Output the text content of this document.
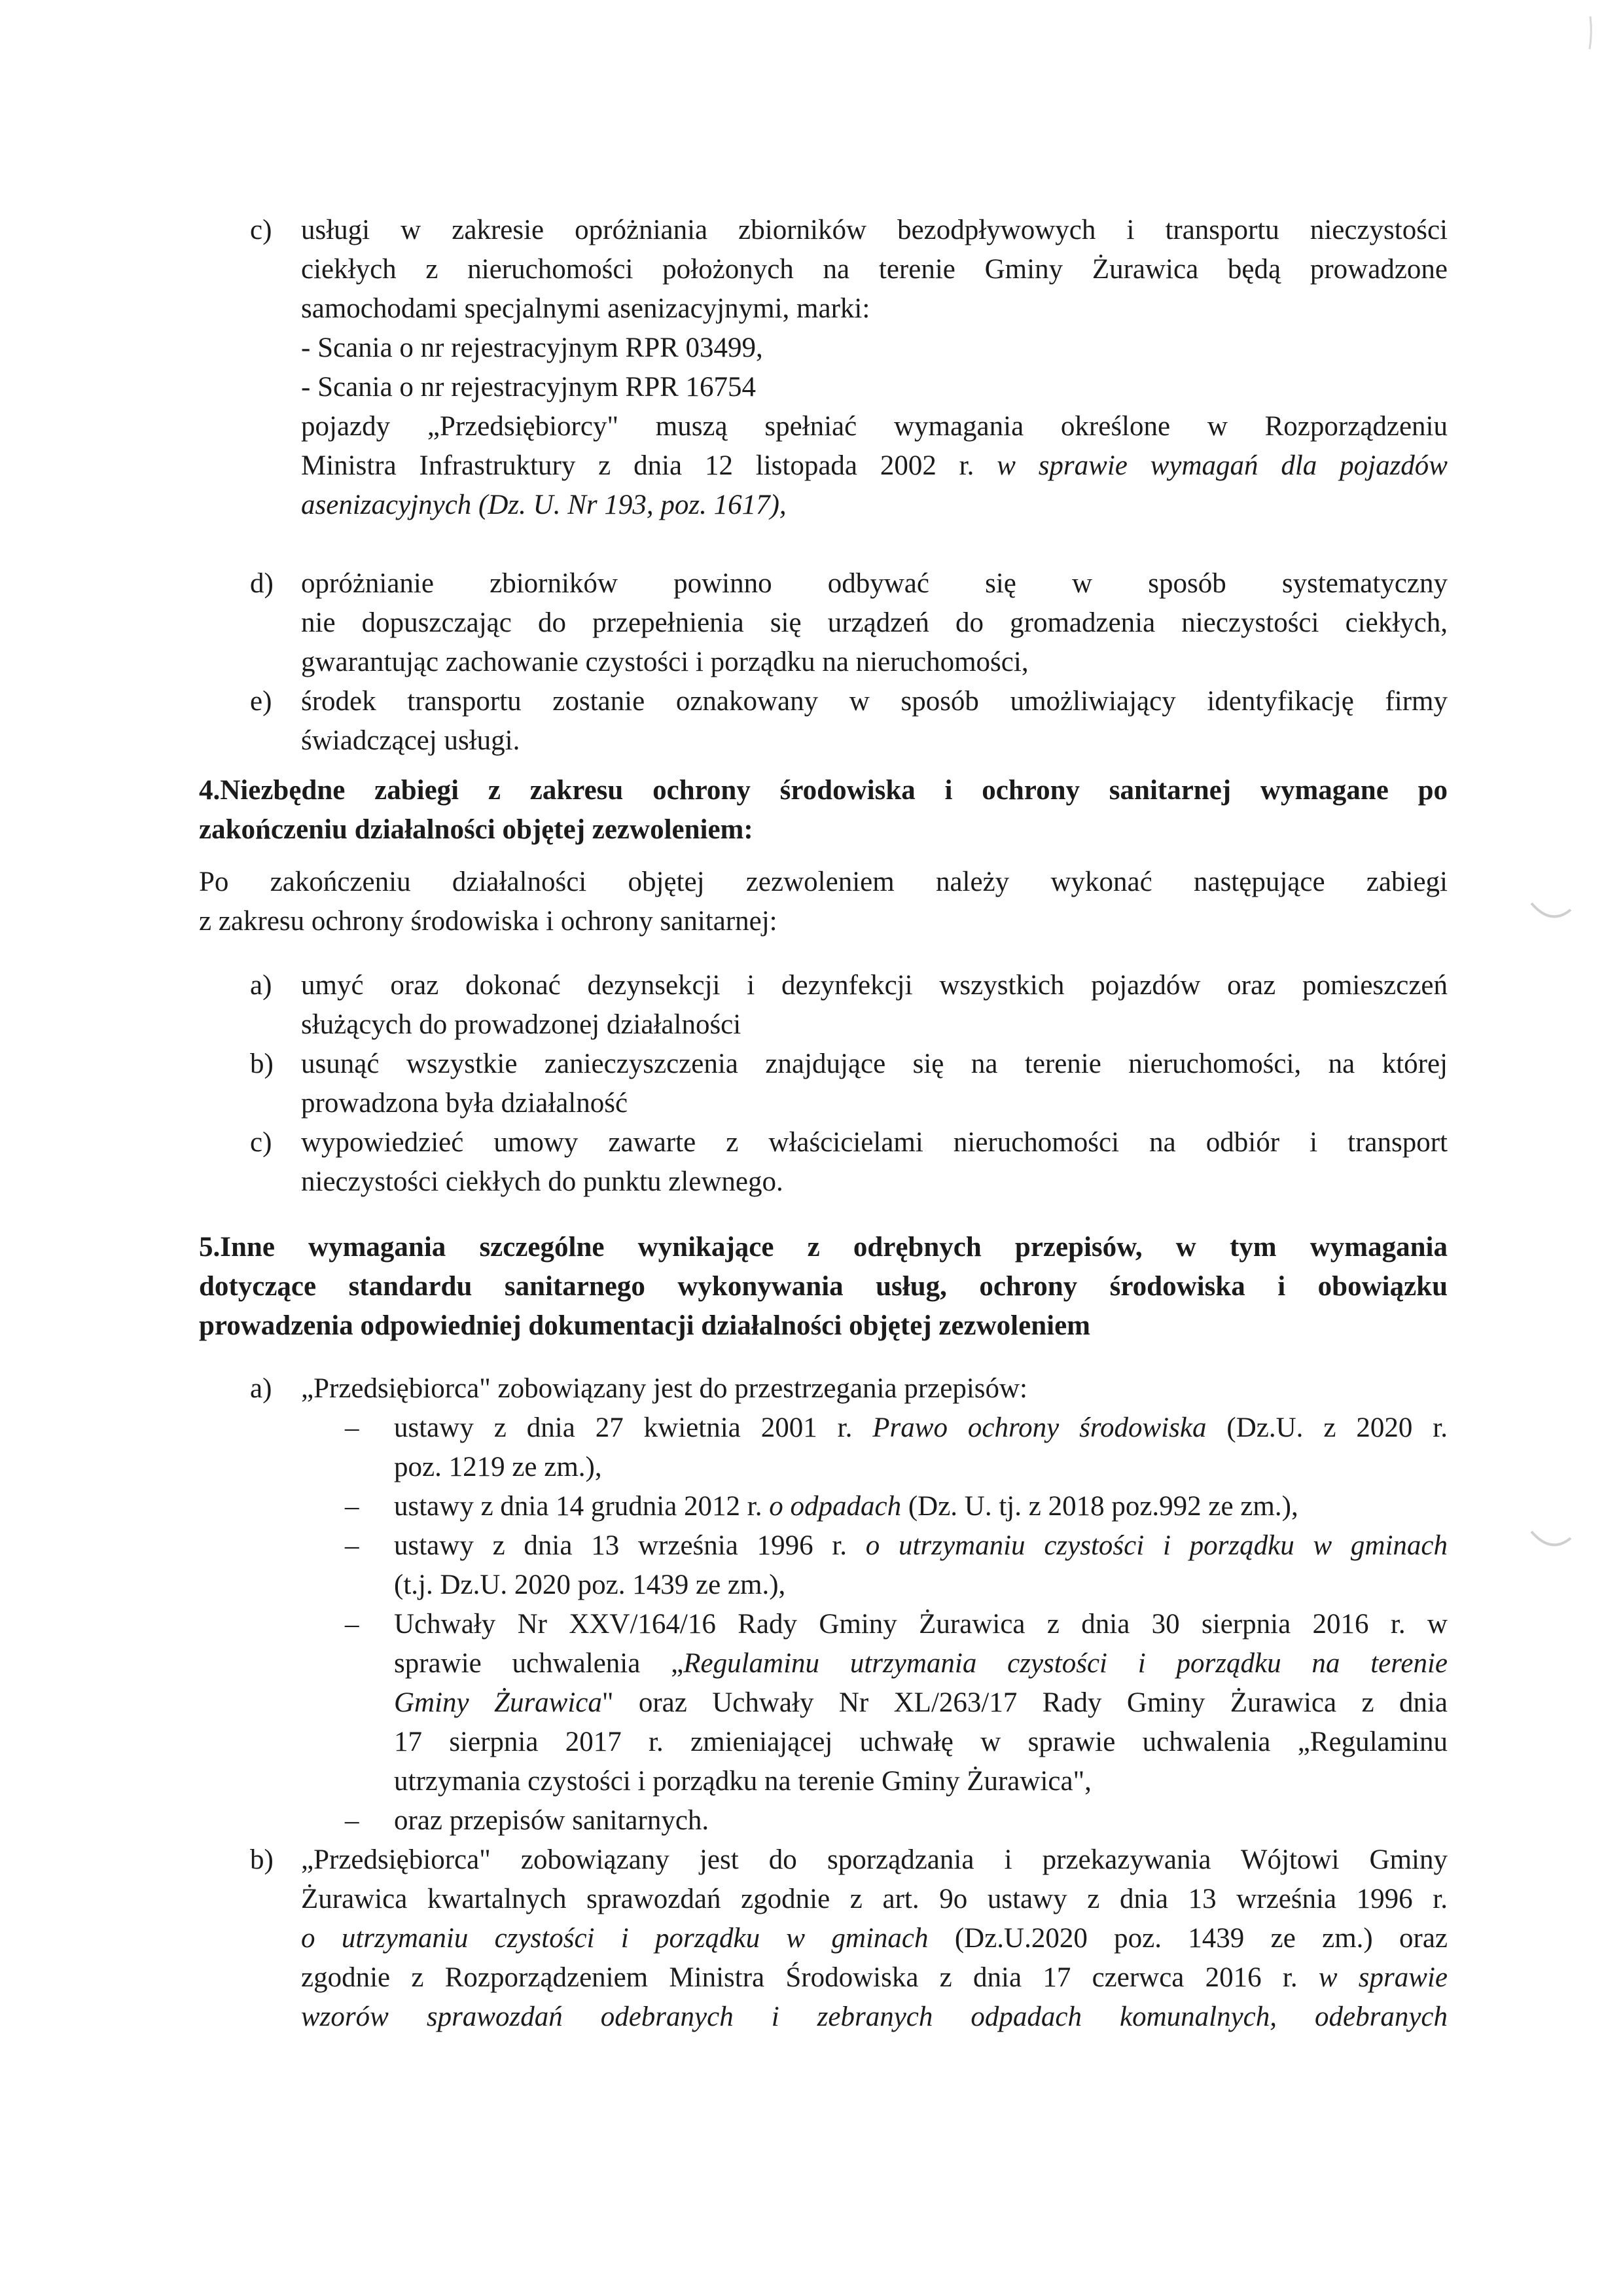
c) usługi w zakresie opróżniania zbiorników bezodpływowych i transportu nieczystości
ciekłych z nieruchomości położonych na terenie Gminy Żurawica będą prowadzone
samochodami specjalnymi asenizacyjnymi, marki:
- Scania o nr rejestracyjnym RPR 03499,
- Scania o nr rejestracyjnym RPR 16754
pojazdy „Przedsiębiorcy" muszą spełniać wymagania określone w Rozporządzeniu
Ministra Infrastruktury z dnia 12 listopada 2002 r. w sprawie wymagań dla pojazdów
asenizacyjnych (Dz. U. Nr 193, poz. 1617),
d) opróżnianie zbiorników powinno odbywać się w sposób systematyczny
nie dopuszczając do przepełnienia się urządzeń do gromadzenia nieczystości ciekłych,
gwarantując zachowanie czystości i porządku na nieruchomości,
e) środek transportu zostanie oznakowany w sposób umożliwiający identyfikację firmy
świadczącej usługi.
4.Niezbędne zabiegi z zakresu ochrony środowiska i ochrony sanitarnej wymagane po
zakończeniu działalności objętej zezwoleniem:
Po zakończeniu działalności objętej zezwoleniem należy wykonać następujące zabiegi
z zakresu ochrony środowiska i ochrony sanitarnej:
a) umyć oraz dokonać dezynsekcji i dezynfekcji wszystkich pojazdów oraz pomieszczeń
służących do prowadzonej działalności
b) usunąć wszystkie zanieczyszczenia znajdujące się na terenie nieruchomości, na której
prowadzona była działalność
c) wypowiedzieć umowy zawarte z właścicielami nieruchomości na odbiór i transport
nieczystości ciekłych do punktu zlewnego.
5.Inne wymagania szczególne wynikające z odrębnych przepisów, w tym wymagania
dotyczące standardu sanitarnego wykonywania usług, ochrony środowiska i obowiązku
prowadzenia odpowiedniej dokumentacji działalności objętej zezwoleniem
a) „Przedsiębiorca" zobowiązany jest do przestrzegania przepisów:
– ustawy z dnia 27 kwietnia 2001 r. Prawo ochrony środowiska (Dz.U. z 2020 r.
poz. 1219 ze zm.),
– ustawy z dnia 14 grudnia 2012 r. o odpadach (Dz. U. tj. z 2018 poz.992 ze zm.),
– ustawy z dnia 13 września 1996 r. o utrzymaniu czystości i porządku w gminach
(t.j. Dz.U. 2020 poz. 1439 ze zm.),
– Uchwały Nr XXV/164/16 Rady Gminy Żurawica z dnia 30 sierpnia 2016 r. w
sprawie uchwalenia „Regulaminu utrzymania czystości i porządku na terenie
Gminy Żurawica" oraz Uchwały Nr XL/263/17 Rady Gminy Żurawica z dnia
17 sierpnia 2017 r. zmieniającej uchwałę w sprawie uchwalenia „Regulaminu
utrzymania czystości i porządku na terenie Gminy Żurawica",
– oraz przepisów sanitarnych.
b) „Przedsiębiorca" zobowiązany jest do sporządzania i przekazywania Wójtowi Gminy
Żurawica kwartalnych sprawozdań zgodnie z art. 9o ustawy z dnia 13 września 1996 r.
o utrzymaniu czystości i porządku w gminach (Dz.U.2020 poz. 1439 ze zm.) oraz
zgodnie z Rozporządzeniem Ministra Środowiska z dnia 17 czerwca 2016 r. w sprawie
wzorów sprawozdań odebranych i zebranych odpadach komunalnych, odebranych
